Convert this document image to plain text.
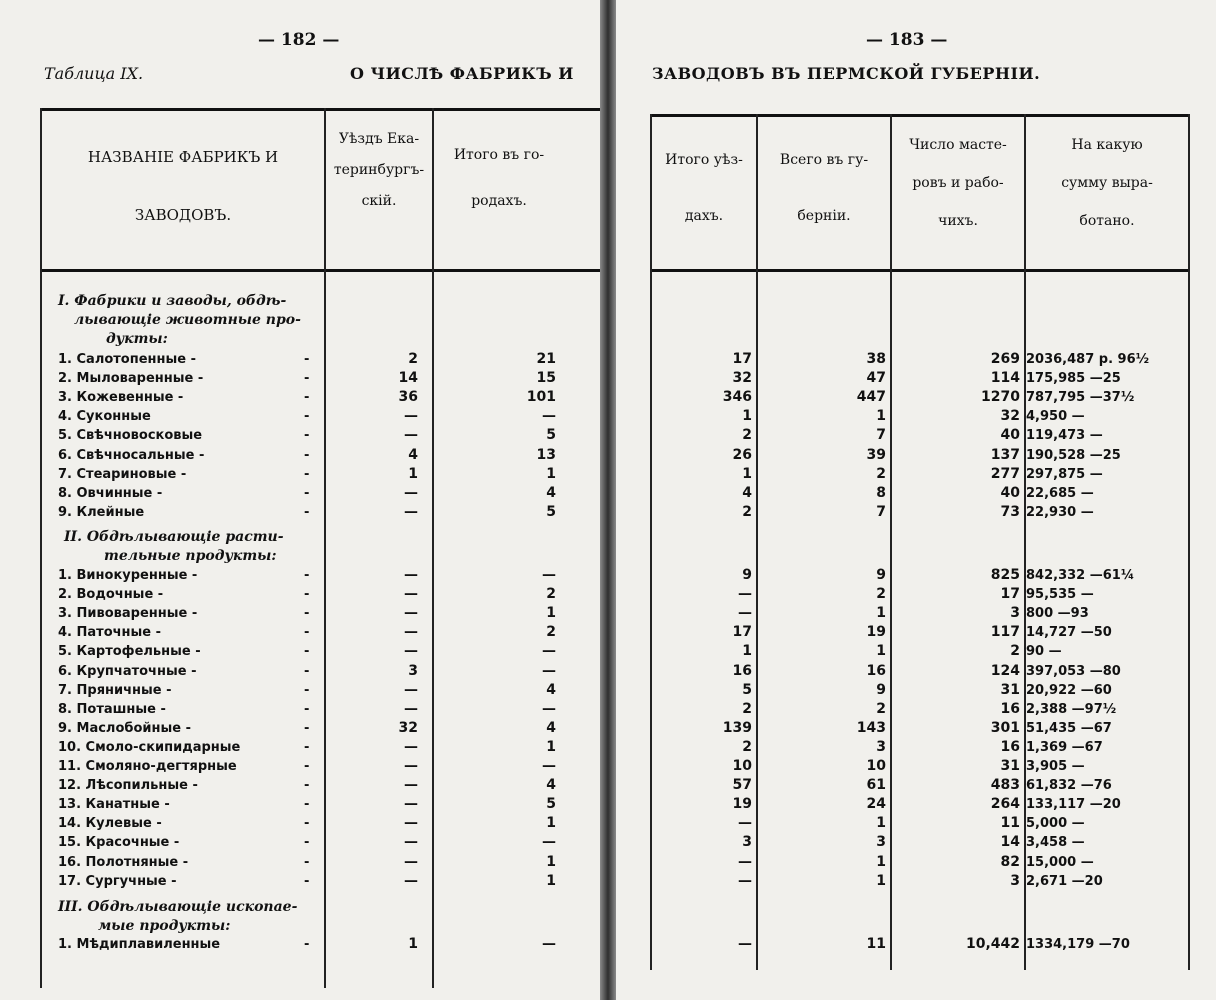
— 182 —
Таблица IX.	О ЧИСЛѢ ФАБРИКЪ И
НАЗВАНIЕ ФАБРИКЪ И
ЗАВОДОВЪ.
Уѣздъ Ека-
теринбургъ-
скiй.
Итого въ го-
родахъ.
I. Фабрики и заводы, обдѣ-
лывающiе животные про-
дукты:
1. Салотопенные -	-	2	21
2. Мыловаренные -	-	14	15
3. Кожевенные -	-	36	101
4. Суконные	-	—	—
5. Свѣчновосковые	-	—	5
6. Свѣчносальные -	-	4	13
7. Стеариновые -	-	1	1
8. Овчинные -	-	—	4
9. Клейные	-	—	5
II. Обдѣлывающiе расти-
тельные продукты:
1. Винокуренные -	-	—	—
2. Водочные -	-	—	2
3. Пивоваренные -	-	—	1
4. Паточные -	-	—	2
5. Картофельные -	-	—	—
6. Крупчаточные -	-	3	—
7. Пряничные -	-	—	4
8. Поташные -	-	—	—
9. Маслобойные -	-	32	4
10. Смоло-скипидарные	-	—	1
11. Смоляно-дегтярные	-	—	—
12. Лѣсопильные -	-	—	4
13. Канатные -	-	—	5
14. Кулевые -	-	—	1
15. Красочные -	-	—	—
16. Полотняные -	-	—	1
17. Сургучные -	-	—	1
III. Обдѣлывающiе ископае-
мые продукты:
1. Мѣдиплавиленные	-	1	—
— 183 —
ЗАВОДОВЪ ВЪ ПЕРМСКОЙ ГУБЕРНIИ.
Итого уѣз-
дахъ.
Всего въ гу-
бернiи.
Число масте-
ровъ и рабо-
чихъ.
На какую
сумму выра-
ботано.
17	38	269 2036,487 р. 96½
32	47	114 175,985 —25
346	447	1270 787,795 —37½
1	1	32 4,950 —
2	7	40 119,473 —
26	39	137 190,528 —25
1	2	277 297,875 —
4	8	40 22,685 —
2	7	73 22,930 —
9	9	825 842,332 —61¼
—	2	17 95,535 —
—	1	3 800 —93
17	19	117 14,727 —50
1	1	2 90 —
16	16	124 397,053 —80
5	9	31 20,922 —60
2	2	16 2,388 —97½
139	143	301 51,435 —67
2	3	16 1,369 —67
10	10	31 3,905 —
57	61	483 61,832 —76
19	24	264 133,117 —20
—	1	11 5,000 —
3	3	14 3,458 —
—	1	82 15,000 —
—	1	3 2,671 —20
—	11	10,442 1334,179 —70
